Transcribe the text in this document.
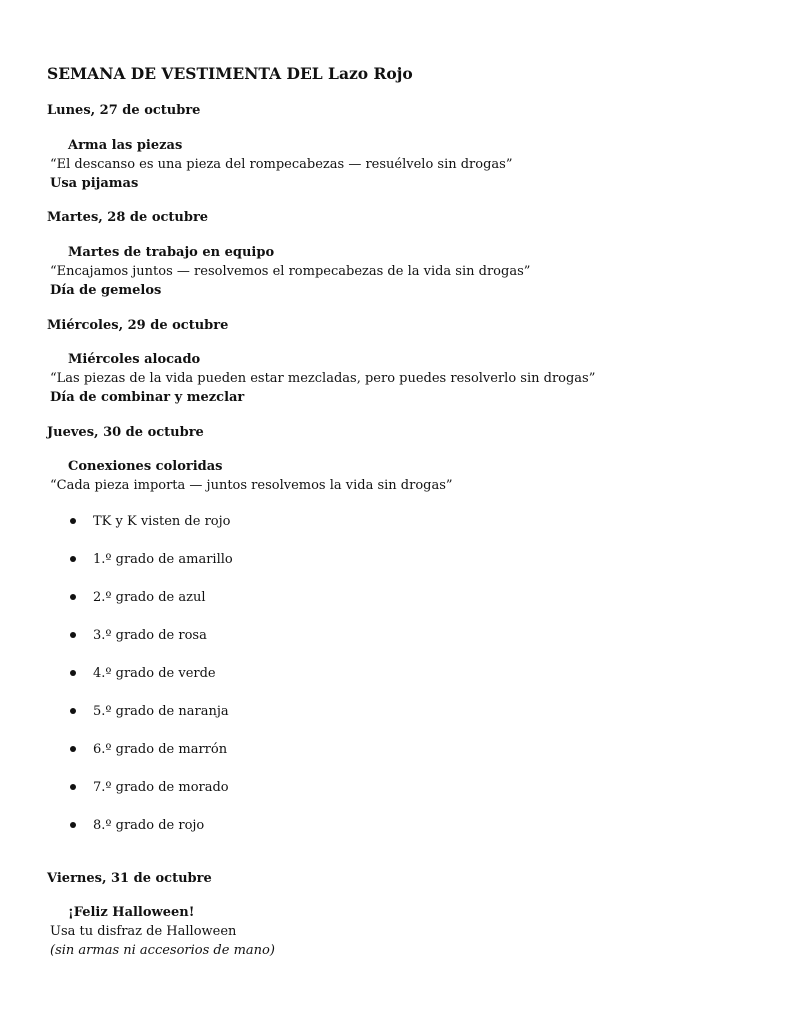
SEMANA DE VESTIMENTA DEL Lazo Rojo
Lunes, 27 de octubre
Arma las piezas
“El descanso es una pieza del rompecabezas — resuélvelo sin drogas”
Usa pijamas
Martes, 28 de octubre
Martes de trabajo en equipo
“Encajamos juntos — resolvemos el rompecabezas de la vida sin drogas”
Día de gemelos
Miércoles, 29 de octubre
Miércoles alocado
“Las piezas de la vida pueden estar mezcladas, pero puedes resolverlo sin drogas”
Día de combinar y mezclar
Jueves, 30 de octubre
Conexiones coloridas
“Cada pieza importa — juntos resolvemos la vida sin drogas”
TK y K visten de rojo
1.º grado de amarillo
2.º grado de azul
3.º grado de rosa
4.º grado de verde
5.º grado de naranja
6.º grado de marrón
7.º grado de morado
8.º grado de rojo
Viernes, 31 de octubre
¡Feliz Halloween!
Usa tu disfraz de Halloween
(sin armas ni accesorios de mano)
